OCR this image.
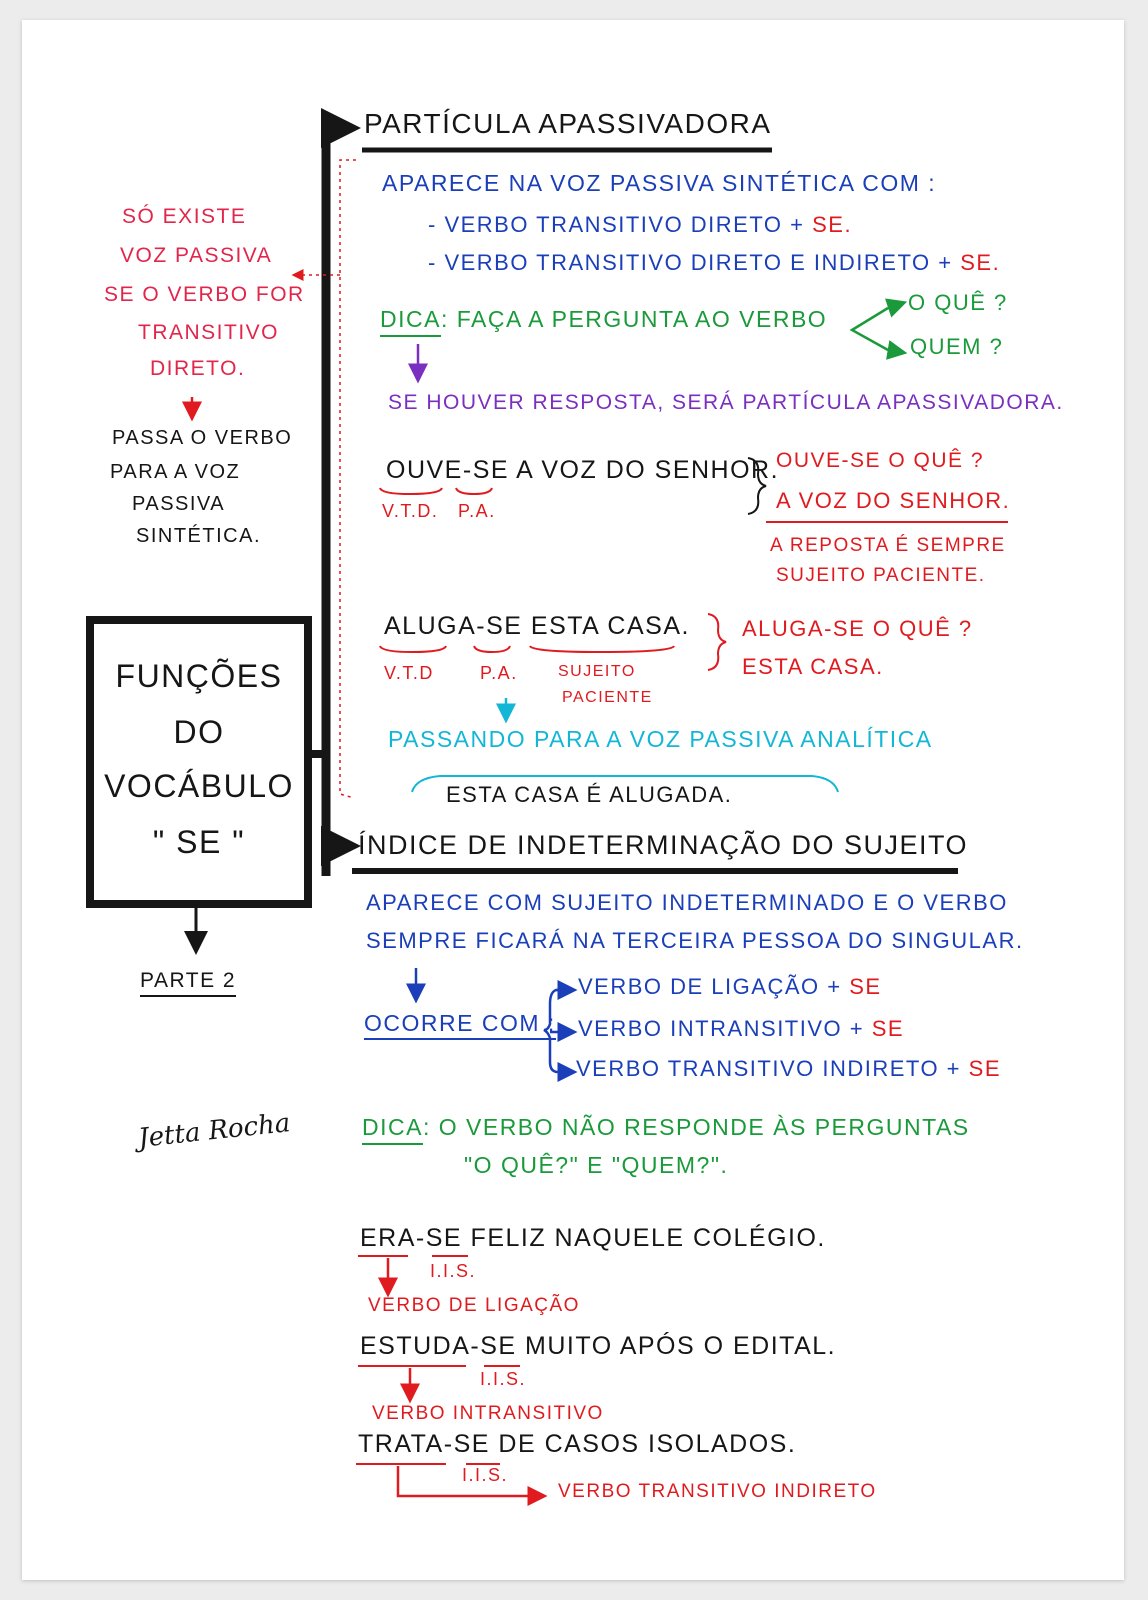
FUNÇÕES
DO
VOCÁBULO
" SE "
PARTE 2
SÓ EXISTE
VOZ PASSIVA
SE O VERBO FOR
TRANSITIVO
DIRETO.
PASSA O VERBO
PARA A VOZ
PASSIVA
SINTÉTICA.
Jetta Rocha
PARTÍCULA APASSIVADORA
APARECE NA VOZ PASSIVA SINTÉTICA COM :
- VERBO TRANSITIVO DIRETO + SE.
- VERBO TRANSITIVO DIRETO E INDIRETO + SE.
DICA: FAÇA A PERGUNTA AO VERBO
O QUÊ ?
QUEM ?
SE HOUVER RESPOSTA, SERÁ PARTÍCULA APASSIVADORA.
OUVE-SE A VOZ DO SENHOR.
V.T.D. P.A.
OUVE-SE O QUÊ ?
A VOZ DO SENHOR.
A REPOSTA É SEMPRE
SUJEITO PACIENTE.
ALUGA-SE ESTA CASA.
V.T.D	P.A.	SUJEITO
PACIENTE
ALUGA-SE O QUÊ ?
ESTA CASA.
PASSANDO PARA A VOZ PASSIVA ANALÍTICA
ESTA CASA É ALUGADA.
ÍNDICE DE INDETERMINAÇÃO DO SUJEITO
APARECE COM SUJEITO INDETERMINADO E O VERBO
SEMPRE FICARÁ NA TERCEIRA PESSOA DO SINGULAR.
OCORRE COM :
VERBO DE LIGAÇÃO + SE
VERBO INTRANSITIVO + SE
VERBO TRANSITIVO INDIRETO + SE
DICA: O VERBO NÃO RESPONDE ÀS PERGUNTAS
"O QUÊ?" E "QUEM?".
ERA-SE FELIZ NAQUELE COLÉGIO.
I.I.S.
VERBO DE LIGAÇÃO
ESTUDA-SE MUITO APÓS O EDITAL.
I.I.S.
VERBO INTRANSITIVO
TRATA-SE DE CASOS ISOLADOS.
I.I.S.
VERBO TRANSITIVO INDIRETO
